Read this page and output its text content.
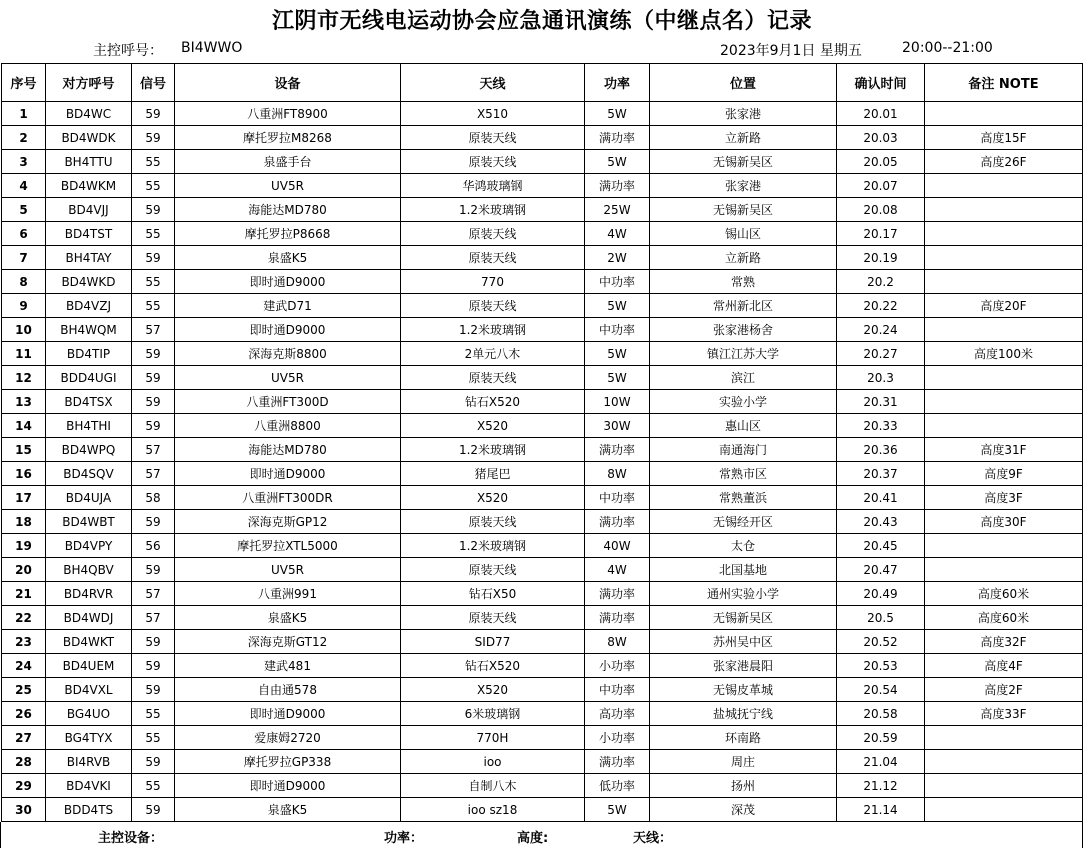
江阴市无线电运动协会应急通讯演练（中继点名）记录
主控呼号： BI4WWO	2023年9月1日 星期五	20:00--21:00
序号	对方呼号	信号	设备	天线	功率	位置	确认时间	备注 NOTE
1	BD4WC	59	八重洲FT8900	X510	5W	张家港	20.01	
2	BD4WDK	59	摩托罗拉M8268	原装天线	满功率	立新路	20.03	高度15F
3	BH4TTU	55	泉盛手台	原装天线	5W	无锡新吴区	20.05	高度26F
4	BD4WKM	55	UV5R	华鸿玻璃钢	满功率	张家港	20.07	
5	BD4VJJ	59	海能达MD780	1.2米玻璃钢	25W	无锡新吴区	20.08	
6	BD4TST	55	摩托罗拉P8668	原装天线	4W	锡山区	20.17	
7	BH4TAY	59	泉盛K5	原装天线	2W	立新路	20.19	
8	BD4WKD	55	即时通D9000	770	中功率	常熟	20.2	
9	BD4VZJ	55	建武D71	原装天线	5W	常州新北区	20.22	高度20F
10	BH4WQM	57	即时通D9000	1.2米玻璃钢	中功率	张家港杨舍	20.24	
11	BD4TIP	59	深海克斯8800	2单元八木	5W	镇江江苏大学	20.27	高度100米
12	BDD4UGI	59	UV5R	原装天线	5W	滨江	20.3	
13	BD4TSX	59	八重洲FT300D	钻石X520	10W	实验小学	20.31	
14	BH4THI	59	八重洲8800	X520	30W	惠山区	20.33	
15	BD4WPQ	57	海能达MD780	1.2米玻璃钢	满功率	南通海门	20.36	高度31F
16	BD4SQV	57	即时通D9000	猪尾巴	8W	常熟市区	20.37	高度9F
17	BD4UJA	58	八重洲FT300DR	X520	中功率	常熟董浜	20.41	高度3F
18	BD4WBT	59	深海克斯GP12	原装天线	满功率	无锡经开区	20.43	高度30F
19	BD4VPY	56	摩托罗拉XTL5000	1.2米玻璃钢	40W	太仓	20.45	
20	BH4QBV	59	UV5R	原装天线	4W	北国基地	20.47	
21	BD4RVR	57	八重洲991	钻石X50	满功率	通州实验小学	20.49	高度60米
22	BD4WDJ	57	泉盛K5	原装天线	满功率	无锡新吴区	20.5	高度60米
23	BD4WKT	59	深海克斯GT12	SID77	8W	苏州吴中区	20.52	高度32F
24	BD4UEM	59	建武481	钻石X520	小功率	张家港晨阳	20.53	高度4F
25	BD4VXL	59	自由通578	X520	中功率	无锡皮革城	20.54	高度2F
26	BG4UO	55	即时通D9000	6米玻璃钢	高功率	盐城抚宁线	20.58	高度33F
27	BG4TYX	55	爱康姆2720	770H	小功率	环南路	20.59	
28	BI4RVB	59	摩托罗拉GP338	ioo	满功率	周庄	21.04	
29	BD4VKI	55	即时通D9000	自制八木	低功率	扬州	21.12	
30	BDD4TS	59	泉盛K5	ioo sz18	5W	深茂	21.14	
主控设备：	功率：	高度:	天线：
